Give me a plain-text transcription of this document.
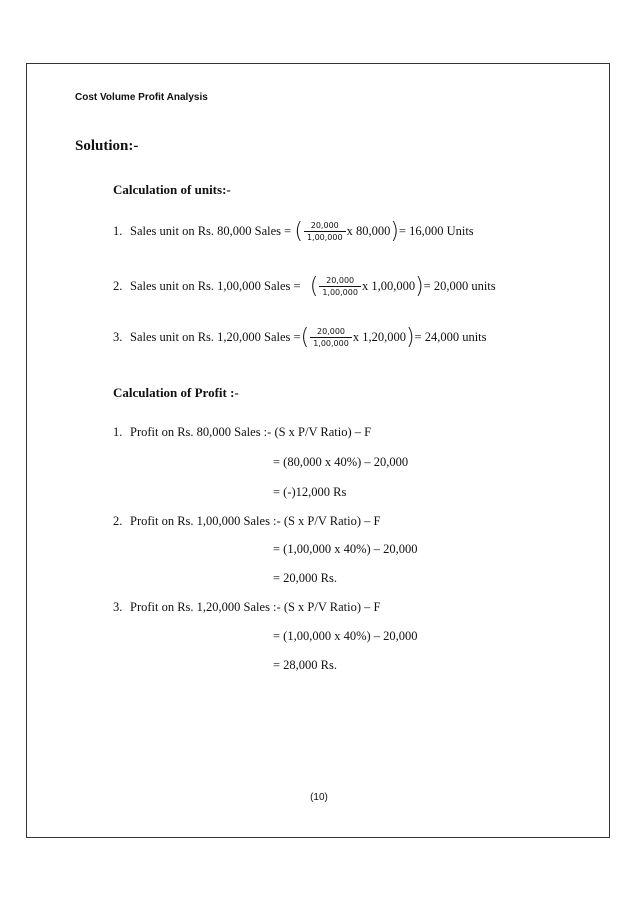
Cost Volume Profit Analysis
Solution:-
Calculation of units:-
1. Sales unit on Rs. 80,000 Sales = ( $\frac{20,000}{1,00,000}$ x 80,000)= 16,000 Units
2. Sales unit on Rs. 1,00,000 Sales = ( $\frac{20,000}{1,00,000}$ x 1,00,000)= 20,000 units
3. Sales unit on Rs. 1,20,000 Sales =( $\frac{20,000}{1,00,000}$ x 1,20,000)= 24,000 units
Calculation of Profit :-
1. Profit on Rs. 80,000 Sales :- (S x P/V Ratio) – F
= (80,000 x 40%) – 20,000
= (-)12,000 Rs
2. Profit on Rs. 1,00,000 Sales :- (S x P/V Ratio) – F
= (1,00,000 x 40%) – 20,000
= 20,000 Rs.
3. Profit on Rs. 1,20,000 Sales :- (S x P/V Ratio) – F
= (1,00,000 x 40%) – 20,000
= 28,000 Rs.
(10)
